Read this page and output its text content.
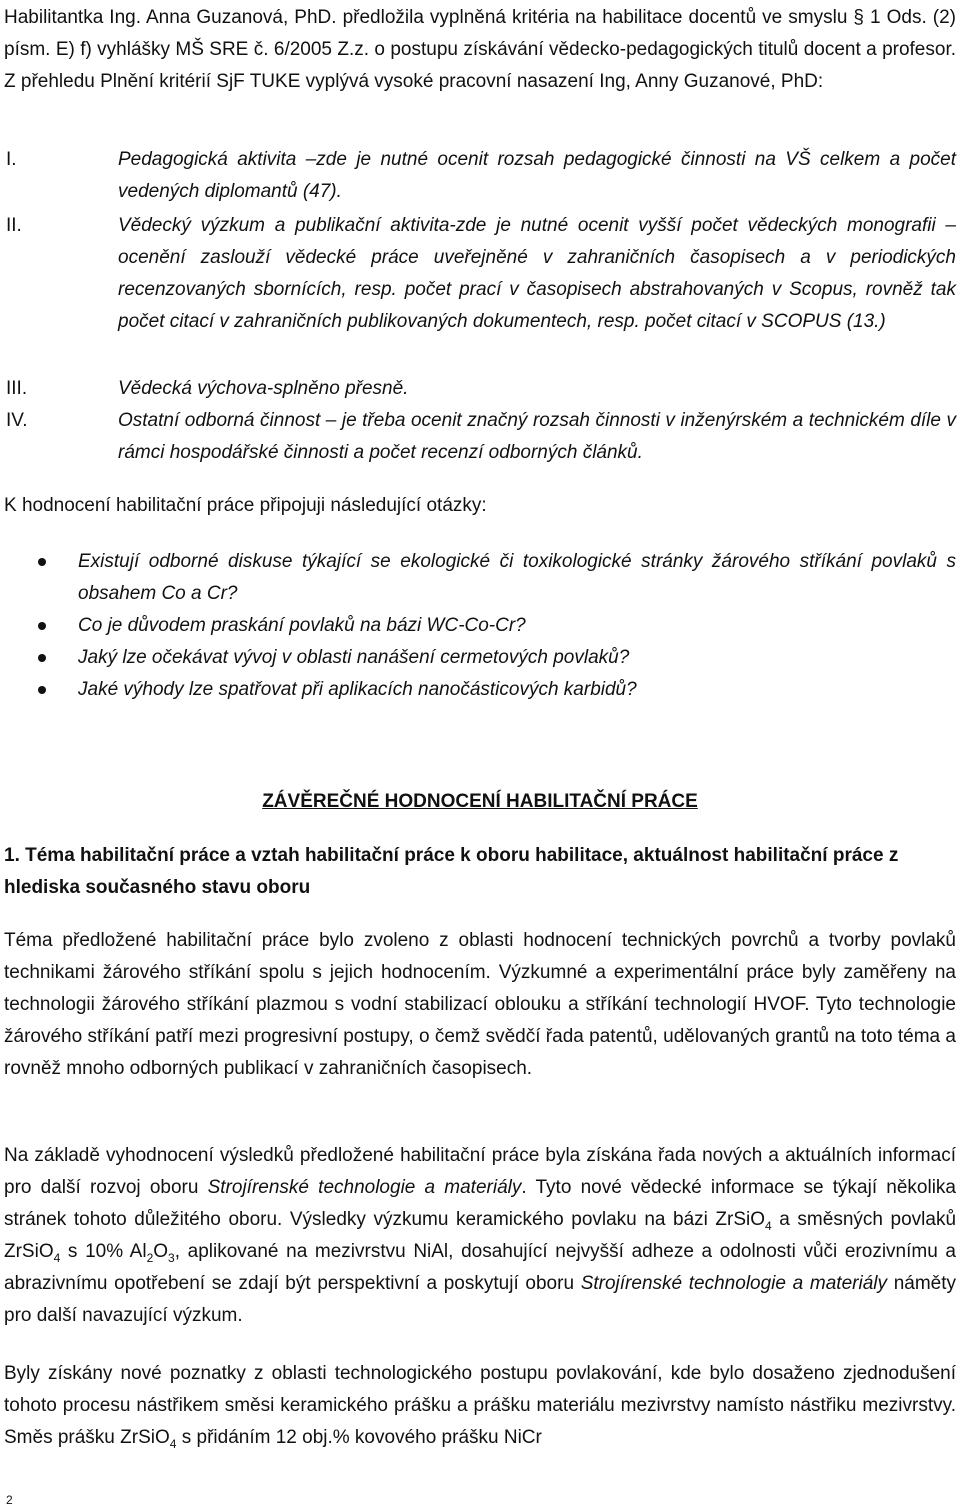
Habilitantka Ing. Anna Guzanová, PhD. předložila vyplněná kritéria na habilitace docentů ve smyslu § 1 Ods. (2) písm. E) f) vyhlášky MŠ SRE č. 6/2005 Z.z. o postupu získávání vědecko-pedagogických titulů docent a profesor. Z přehledu Plnění kritérií SjF TUKE vyplývá vysoké pracovní nasazení Ing, Anny Guzanové, PhD:

I.	Pedagogická aktivita –zde je nutné ocenit rozsah pedagogické činnosti na VŠ celkem a počet vedených diplomantů (47).

II.	Vědecký výzkum a publikační aktivita-zde je nutné ocenit vyšší počet vědeckých monografii – ocenění zaslouží vědecké práce uveřejněné v zahraničních časopisech a v periodických recenzovaných sbornících, resp. počet prací v časopisech abstrahovaných v Scopus, rovněž tak počet citací v zahraničních publikovaných dokumentech, resp. počet citací v SCOPUS (13.)

III.	Vědecká výchova-splněno přesně.

IV.	Ostatní odborná činnost – je třeba ocenit značný rozsah činnosti v inženýrském a technickém díle v rámci hospodářské činnosti a počet recenzí odborných článků.

K hodnocení habilitační práce připojuji následující otázky:

Existují odborné diskuse týkající se ekologické či toxikologické stránky žárového stříkání povlaků s obsahem Co a Cr?
Co je důvodem praskání povlaků na bázi WC-Co-Cr?
Jaký lze očekávat vývoj v oblasti nanášení cermetových povlaků?
Jaké výhody lze spatřovat při aplikacích nanočásticových karbidů?
ZÁVĚREČNÉ HODNOCENÍ HABILITAČNÍ PRÁCE

1. Téma habilitační práce a vztah habilitační práce k oboru habilitace, aktuálnost habilitační práce z hlediska současného stavu oboru

Téma předložené habilitační práce bylo zvoleno z oblasti hodnocení technických povrchů a tvorby povlaků technikami žárového stříkání spolu s jejich hodnocením. Výzkumné a experimentální práce byly zaměřeny na technologii žárového stříkání plazmou s vodní stabilizací oblouku a stříkání technologií HVOF. Tyto technologie žárového stříkání patří mezi progresivní postupy, o čemž svědčí řada patentů, udělovaných grantů na toto téma a rovněž mnoho odborných publikací v zahraničních časopisech.

Na základě vyhodnocení výsledků předložené habilitační práce byla získána řada nových a aktuálních informací pro další rozvoj oboru Strojírenské technologie a materiály. Tyto nové vědecké informace se týkají několika stránek tohoto důležitého oboru. Výsledky výzkumu keramického povlaku na bázi ZrSiO$_4$ a směsných povlaků ZrSiO$_4$ s 10% $Al_2O_3$, aplikované na mezivrstvu NiAl, dosahující nejvyšší adheze a odolnosti vůči erozivnímu a abrazivnímu opotřebení se zdají být perspektivní a poskytují oboru Strojírenské technologie a materiály náměty pro další navazující výzkum.

Byly získány nové poznatky z oblasti technologického postupu povlakování, kde bylo dosaženo zjednodušení tohoto procesu nástřikem směsi keramického prášku a prášku materiálu mezivrstvy namísto nástřiku mezivrstvy. Směs prášku ZrSiO$_4$ s přidáním 12 obj.% kovového prášku NiCr

2
